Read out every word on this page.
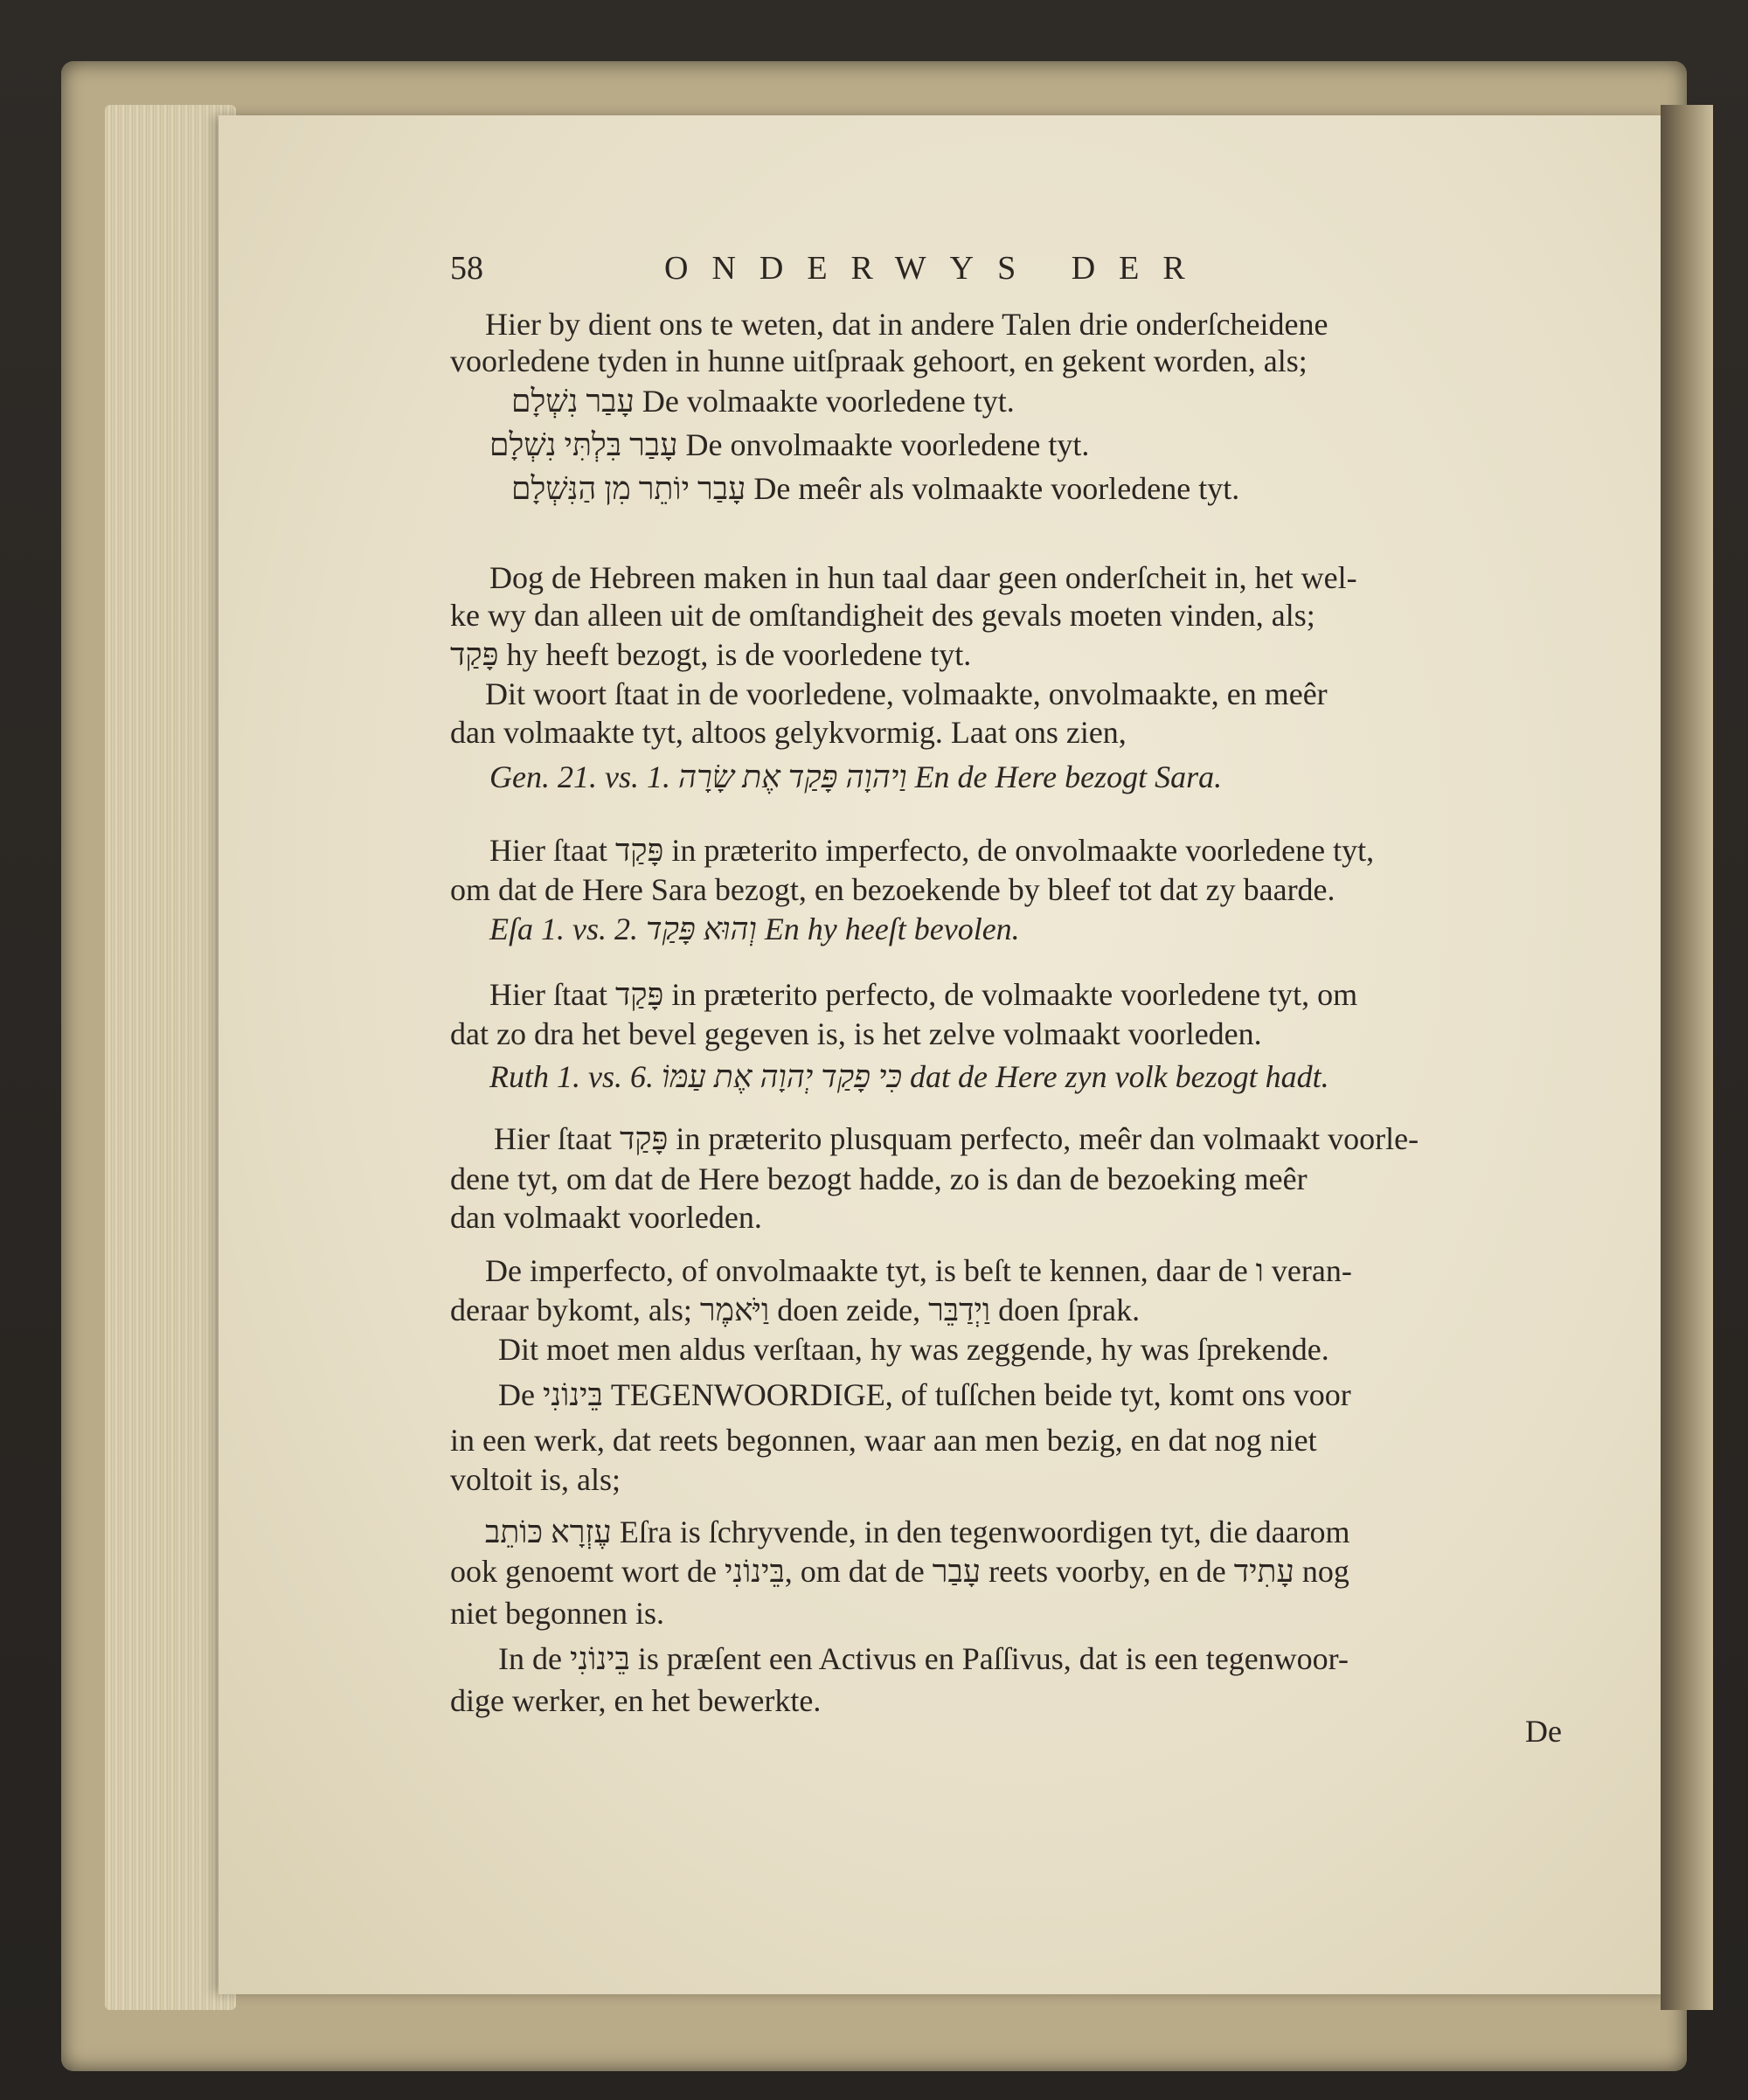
58	ONDERWYS DER
Hier by dient ons te weten, dat in andere Talen drie onderſcheidene
voorledene tyden in hunne uitſpraak gehoort, en gekent worden, als;
עָבַר נִשְׁלָם De volmaakte voorledene tyt.
עָבַר בִּלְתִּי נִשְׁלָם De onvolmaakte voorledene tyt.
עָבַר יוֹתֵר מִן הַנִּשְׁלָם De meêr als volmaakte voorledene tyt.
Dog de Hebreen maken in hun taal daar geen onderſcheit in, het wel-
ke wy dan alleen uit de omſtandigheit des gevals moeten vinden, als;
פָּקַד hy heeft bezogt, is de voorledene tyt.
Dit woort ſtaat in de voorledene, volmaakte, onvolmaakte, en meêr
dan volmaakte tyt, altoos gelykvormig. Laat ons zien,
Gen. 21. vs. 1. וַיהוָה פָּקַד אֶת שָׂרָה En de Here bezogt Sara.
Hier ſtaat פָּקַד in præterito imperfecto, de onvolmaakte voorledene tyt,
om dat de Here Sara bezogt, en bezoekende by bleef tot dat zy baarde.
Eſa 1. vs. 2. וְהוּא פָּקַד En hy heeſt bevolen.
Hier ſtaat פָּקַד in præterito perfecto, de volmaakte voorledene tyt, om
dat zo dra het bevel gegeven is, is het zelve volmaakt voorleden.
Ruth 1. vs. 6. כִּי פָקַד יְהוָה אֶת עַמּוֹ dat de Here zyn volk bezogt hadt.
Hier ſtaat פָּקַד in præterito plusquam perfecto, meêr dan volmaakt voorle-
dene tyt, om dat de Here bezogt hadde, zo is dan de bezoeking meêr
dan volmaakt voorleden.
De imperfecto, of onvolmaakte tyt, is beſt te kennen, daar de ו veran-
deraar bykomt, als; וַיֹּאמֶר doen zeide, וַיְדַבֵּר doen ſprak.
Dit moet men aldus verſtaan, hy was zeggende, hy was ſprekende.
De בֵּינוֹנִי TEGENWOORDIGE, of tuſſchen beide tyt, komt ons voor
in een werk, dat reets begonnen, waar aan men bezig, en dat nog niet
voltoit is, als;
עֶזְרָא כּוֹתֵב Eſra is ſchryvende, in den tegenwoordigen tyt, die daarom
ook genoemt wort de בֵּינוֹנִי, om dat de עָבַר reets voorby, en de עָתִיד nog
niet begonnen is.
In de בֵּינוֹנִי is præſent een Activus en Paſſivus, dat is een tegenwoor-
dige werker, en het bewerkte.
De
